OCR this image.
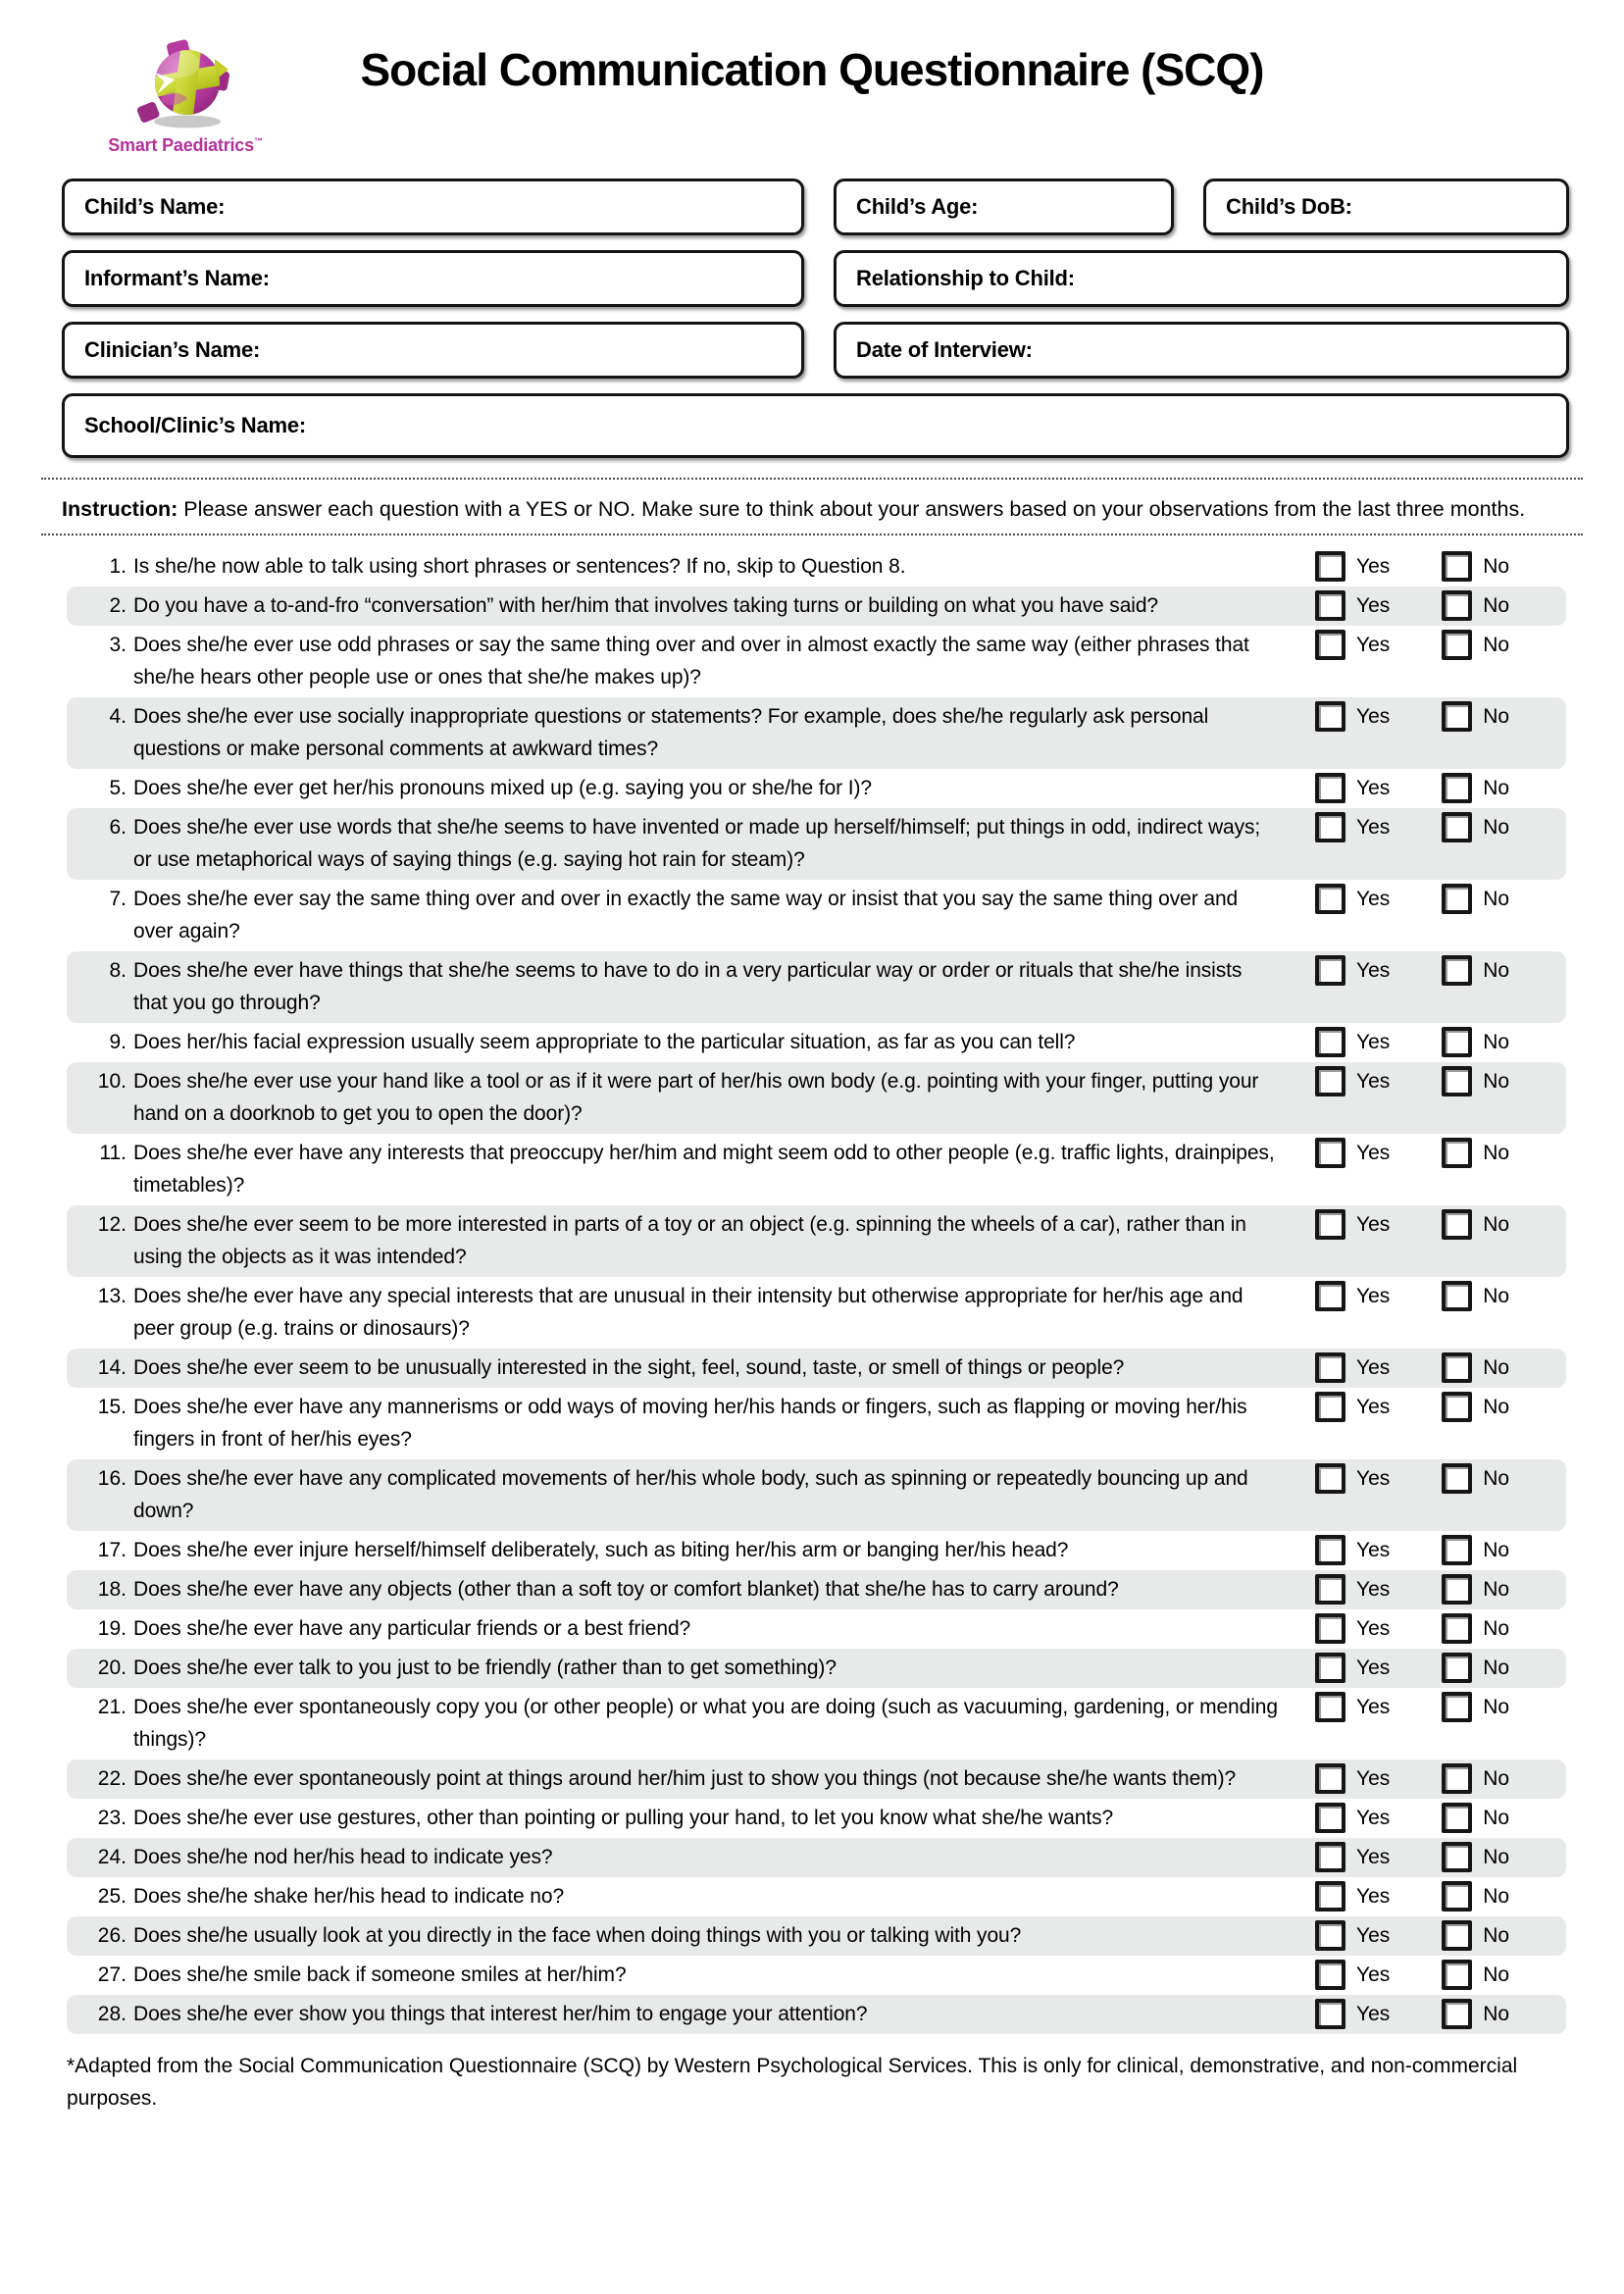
Smart Paediatrics™
Social Communication Questionnaire (SCQ)
Child’s Name:	Child’s Age:	Child’s DoB:
Informant’s Name:	Relationship to Child:
Clinician’s Name:	Date of Interview:
School/Clinic’s Name:

Instruction: Please answer each question with a YES or NO. Make sure to think about your answers based on your observations from the last three months.

1. Is she/he now able to talk using short phrases or sentences? If no, skip to Question 8.	Yes	No
2. Do you have a to-and-fro “conversation” with her/him that involves taking turns or building on what you have said?	Yes	No
3. Does she/he ever use odd phrases or say the same thing over and over in almost exactly the same way (either phrases that she/he hears other people use or ones that she/he makes up)?
Yes	No
4. Does she/he ever use socially inappropriate questions or statements? For example, does she/he regularly ask personal questions or make personal comments at awkward times?
Yes	No
5. Does she/he ever get her/his pronouns mixed up (e.g. saying you or she/he for I)?	Yes	No
6. Does she/he ever use words that she/he seems to have invented or made up herself/himself; put things in odd, indirect ways; or use metaphorical ways of saying things (e.g. saying hot rain for steam)?
Yes	No
7. Does she/he ever say the same thing over and over in exactly the same way or insist that you say the same thing over and over again?
Yes	No
8. Does she/he ever have things that she/he seems to have to do in a very particular way or order or rituals that she/he insists that you go through?
Yes	No
9. Does her/his facial expression usually seem appropriate to the particular situation, as far as you can tell?	Yes	No
10. Does she/he ever use your hand like a tool or as if it were part of her/his own body (e.g. pointing with your finger, putting your hand on a doorknob to get you to open the door)?
Yes	No
11. Does she/he ever have any interests that preoccupy her/him and might seem odd to other people (e.g. traffic lights, drainpipes, timetables)?
Yes	No
12. Does she/he ever seem to be more interested in parts of a toy or an object (e.g. spinning the wheels of a car), rather than in using the objects as it was intended?
Yes	No
13. Does she/he ever have any special interests that are unusual in their intensity but otherwise appropriate for her/his age and peer group (e.g. trains or dinosaurs)?
Yes	No
14. Does she/he ever seem to be unusually interested in the sight, feel, sound, taste, or smell of things or people?	Yes	No
15. Does she/he ever have any mannerisms or odd ways of moving her/his hands or fingers, such as flapping or moving her/his fingers in front of her/his eyes?
Yes	No
16. Does she/he ever have any complicated movements of her/his whole body, such as spinning or repeatedly bouncing up and down?
Yes	No
17. Does she/he ever injure herself/himself deliberately, such as biting her/his arm or banging her/his head?	Yes	No
18. Does she/he ever have any objects (other than a soft toy or comfort blanket) that she/he has to carry around?	Yes	No
19. Does she/he ever have any particular friends or a best friend?	Yes	No
20. Does she/he ever talk to you just to be friendly (rather than to get something)?	Yes	No
21. Does she/he ever spontaneously copy you (or other people) or what you are doing (such as vacuuming, gardening, or mending things)?
Yes	No
22. Does she/he ever spontaneously point at things around her/him just to show you things (not because she/he wants them)?	Yes	No
23. Does she/he ever use gestures, other than pointing or pulling your hand, to let you know what she/he wants?	Yes	No
24. Does she/he nod her/his head to indicate yes?	Yes	No
25. Does she/he shake her/his head to indicate no?	Yes	No
26. Does she/he usually look at you directly in the face when doing things with you or talking with you?	Yes	No
27. Does she/he smile back if someone smiles at her/him?	Yes	No
28. Does she/he ever show you things that interest her/him to engage your attention?	Yes	No

*Adapted from the Social Communication Questionnaire (SCQ) by Western Psychological Services. This is only for clinical, demonstrative, and non-commercial purposes.
